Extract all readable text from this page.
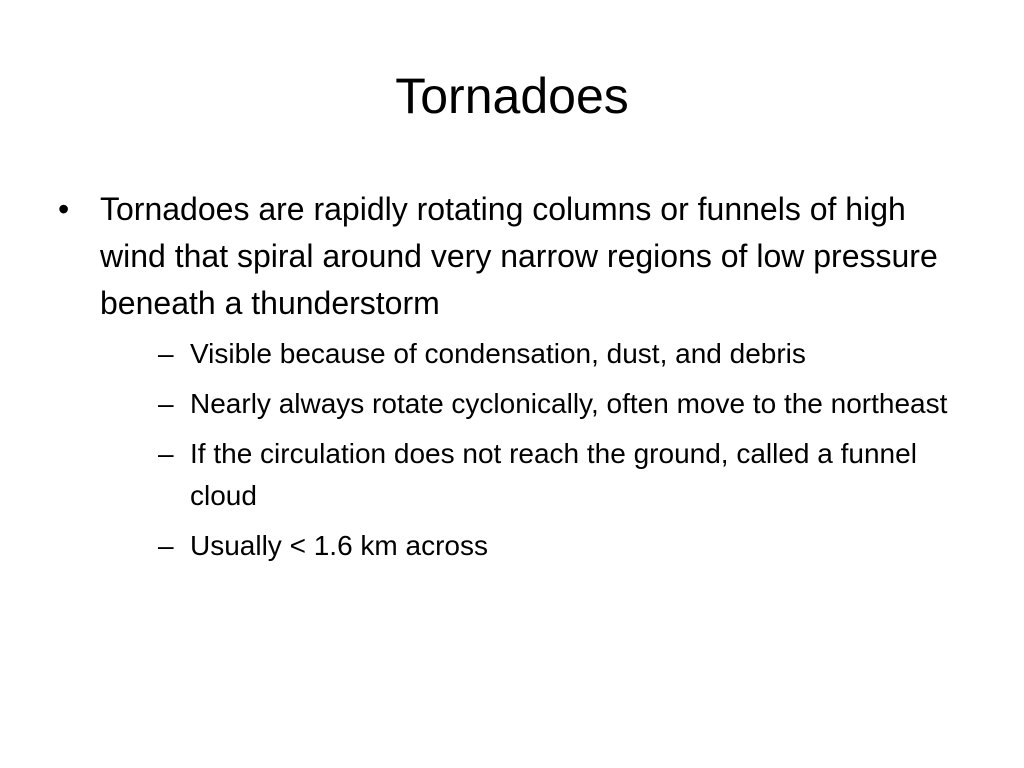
Tornadoes
• Tornadoes are rapidly rotating columns or funnels of high wind that spiral around very narrow regions of low pressure beneath a thunderstorm
– Visible because of condensation, dust, and debris
– Nearly always rotate cyclonically, often move to the northeast
– If the circulation does not reach the ground, called a funnel cloud
– Usually < 1.6 km across
